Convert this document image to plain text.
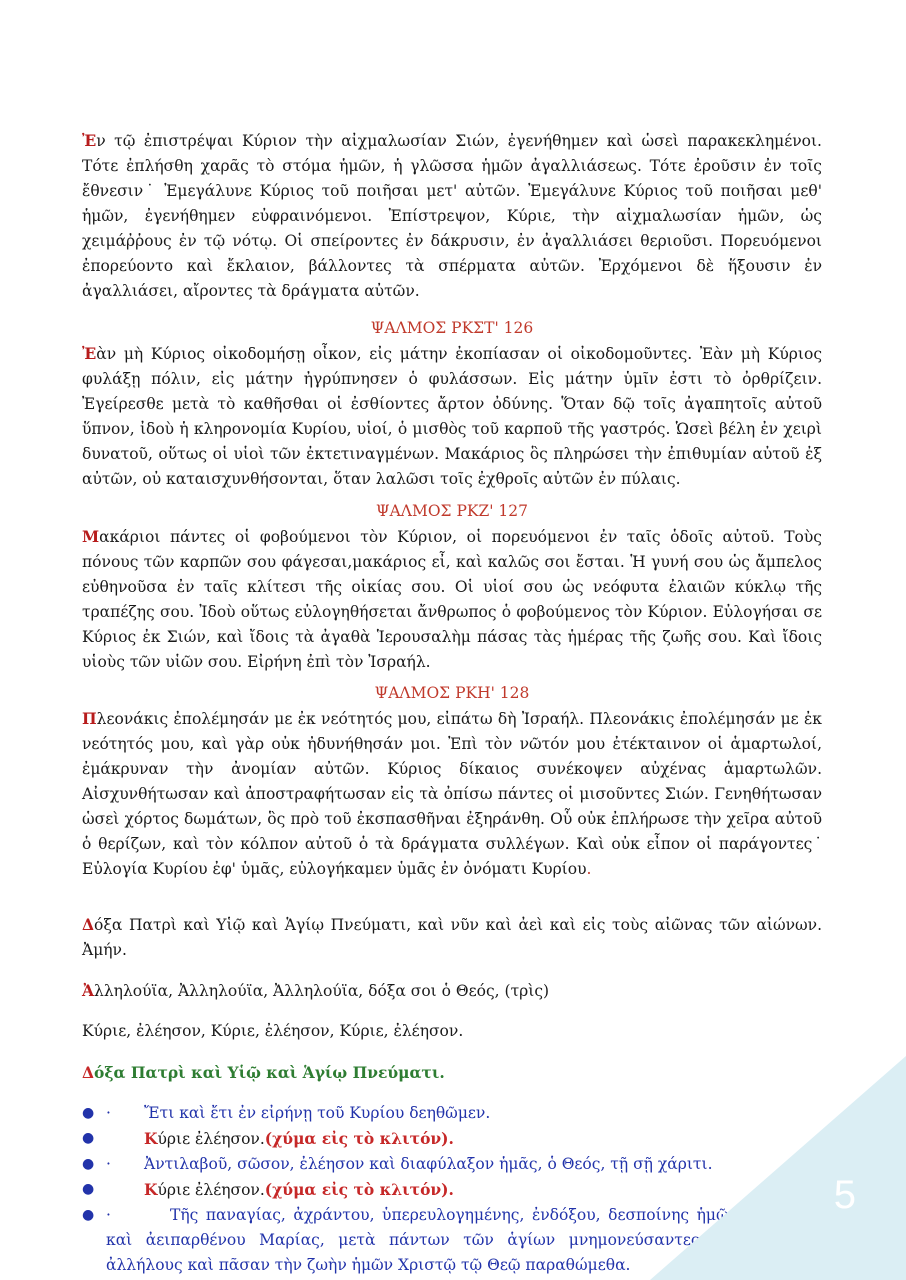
Ἐν τῷ ἐπιστρέψαι Κύριον τὴν αἰχμαλωσίαν Σιών, ἐγενήθημεν καὶ ὡσεὶ παρακεκλημένοι. Τότε ἐπλήσθη χαρᾶς τὸ στόμα ἡμῶν, ἡ γλῶσσα ἡμῶν ἀγαλλιάσεως. Τότε ἐροῦσιν ἐν τοῖς ἔθνεσιν˙ Ἐμεγάλυνε Κύριος τοῦ ποιῆσαι μετ' αὐτῶν. Ἐμεγάλυνε Κύριος τοῦ ποιῆσαι μεθ' ἡμῶν, ἐγενήθημεν εὐφραινόμενοι. Ἐπίστρεψον, Κύριε, τὴν αἰχμαλωσίαν ἡμῶν, ὡς χειμάῤῥους ἐν τῷ νότῳ. Οἱ σπείροντες ἐν δάκρυσιν, ἐν ἀγαλλιάσει θεριοῦσι. Πορευόμενοι ἐπορεύοντο καὶ ἔκλαιον, βάλλοντες τὰ σπέρματα αὐτῶν. Ἐρχόμενοι δὲ ἥξουσιν ἐν ἀγαλλιάσει, αἴροντες τὰ δράγματα αὐτῶν.
ΨΑΛΜΟΣ ΡΚΣΤ' 126
Ἐὰν μὴ Κύριος οἰκοδομήσῃ οἶκον, εἰς μάτην ἐκοπίασαν οἱ οἰκοδομοῦντες. Ἐὰν μὴ Κύριος φυλάξῃ πόλιν, εἰς μάτην ἠγρύπνησεν ὁ φυλάσσων. Εἰς μάτην ὑμῖν ἐστι τὸ ὀρθρίζειν. Ἐγείρεσθε μετὰ τὸ καθῆσθαι οἱ ἐσθίοντες ἄρτον ὀδύνης. Ὅταν δῷ τοῖς ἀγαπητοῖς αὐτοῦ ὕπνον, ἰδοὺ ἡ κληρονομία Κυρίου, υἱοί, ὁ μισθὸς τοῦ καρποῦ τῆς γαστρός. Ὡσεὶ βέλη ἐν χειρὶ δυνατοῦ, οὕτως οἱ υἱοὶ τῶν ἐκτετιναγμένων. Μακάριος ὃς πληρώσει τὴν ἐπιθυμίαν αὐτοῦ ἐξ αὐτῶν, οὐ καταισχυνθήσονται, ὅταν λαλῶσι τοῖς ἐχθροῖς αὐτῶν ἐν πύλαις.
ΨΑΛΜΟΣ ΡΚΖ' 127
Μακάριοι πάντες οἱ φοβούμενοι τὸν Κύριον, οἱ πορευόμενοι ἐν ταῖς ὁδοῖς αὐτοῦ. Τοὺς πόνους τῶν καρπῶν σου φάγεσαι,μακάριος εἶ, καὶ καλῶς σοι ἔσται. Ἡ γυνή σου ὡς ἄμπελος εὐθηνοῦσα ἐν ταῖς κλίτεσι τῆς οἰκίας σου. Οἱ υἱοί σου ὡς νεόφυτα ἐλαιῶν κύκλῳ τῆς τραπέζης σου. Ἰδοὺ οὕτως εὐλογηθήσεται ἄνθρωπος ὁ φοβούμενος τὸν Κύριον. Εὐλογήσαι σε Κύριος ἐκ Σιών, καὶ ἴδοις τὰ ἀγαθὰ Ἱερουσαλὴμ πάσας τὰς ἡμέρας τῆς ζωῆς σου. Καὶ ἴδοις υἱοὺς τῶν υἱῶν σου. Εἰρήνη ἐπὶ τὸν Ἰσραήλ.
ΨΑΛΜΟΣ ΡΚΗ' 128
Πλεονάκις ἐπολέμησάν με ἐκ νεότητός μου, εἰπάτω δὴ Ἰσραήλ. Πλεονάκις ἐπολέμησάν με ἐκ νεότητός μου, καὶ γὰρ οὐκ ἠδυνήθησάν μοι. Ἐπὶ τὸν νῶτόν μου ἐτέκταινον οἱ ἁμαρτωλοί, ἐμάκρυναν τὴν ἀνομίαν αὐτῶν. Κύριος δίκαιος συνέκοψεν αὐχένας ἁμαρτωλῶν. Αἰσχυνθήτωσαν καὶ ἀποστραφήτωσαν εἰς τὰ ὀπίσω πάντες οἱ μισοῦντες Σιών. Γενηθήτωσαν ὡσεὶ χόρτος δωμάτων, ὃς πρὸ τοῦ ἐκσπασθῆναι ἐξηράνθη. Οὗ οὐκ ἐπλήρωσε τὴν χεῖρα αὐτοῦ ὁ θερίζων, καὶ τὸν κόλπον αὐτοῦ ὁ τὰ δράγματα συλλέγων. Καὶ οὐκ εἶπον οἱ παράγοντες˙ Εὐλογία Κυρίου ἐφ' ὑμᾶς, εὐλογήκαμεν ὑμᾶς ἐν ὀνόματι Κυρίου.
Δόξα Πατρὶ καὶ Υἱῷ καὶ Ἁγίῳ Πνεύματι, καὶ νῦν καὶ ἀεὶ καὶ εἰς τοὺς αἰῶνας τῶν αἰώνων. Ἀμήν.
Ἀλληλούϊα, Ἀλληλούϊα, Ἀλληλούϊα, δόξα σοι ὁ Θεός, (τρὶς)
Κύριε, ἐλέησον, Κύριε, ἐλέησον, Κύριε, ἐλέησον.
Δόξα Πατρὶ καὶ Υἱῷ καὶ Ἁγίῳ Πνεύματι.
● · Ἔτι καὶ ἔτι ἐν εἰρήνῃ τοῦ Κυρίου δεηθῶμεν.
●	Κύριε ἐλέησον.(χύμα εἰς τὸ κλιτόν).
● · Ἀντιλαβοῦ, σῶσον, ἐλέησον καὶ διαφύλαξον ἡμᾶς, ὁ Θεός, τῇ σῇ χάριτι.
●	Κύριε ἐλέησον.(χύμα εἰς τὸ κλιτόν).
● ·	Τῆς παναγίας, ἀχράντου, ὑπερευλογημένης, ἐνδόξου, δεσποίνης ἡμῶν Θεοτόκου καὶ ἀειπαρθένου Μαρίας, μετὰ πάντων τῶν ἁγίων μνημονεύσαντες, ἑαυτοὺς καὶ ἀλλήλους καὶ πᾶσαν τὴν ζωὴν ἡμῶν Χριστῷ τῷ Θεῷ παραθώμεθα.
5
